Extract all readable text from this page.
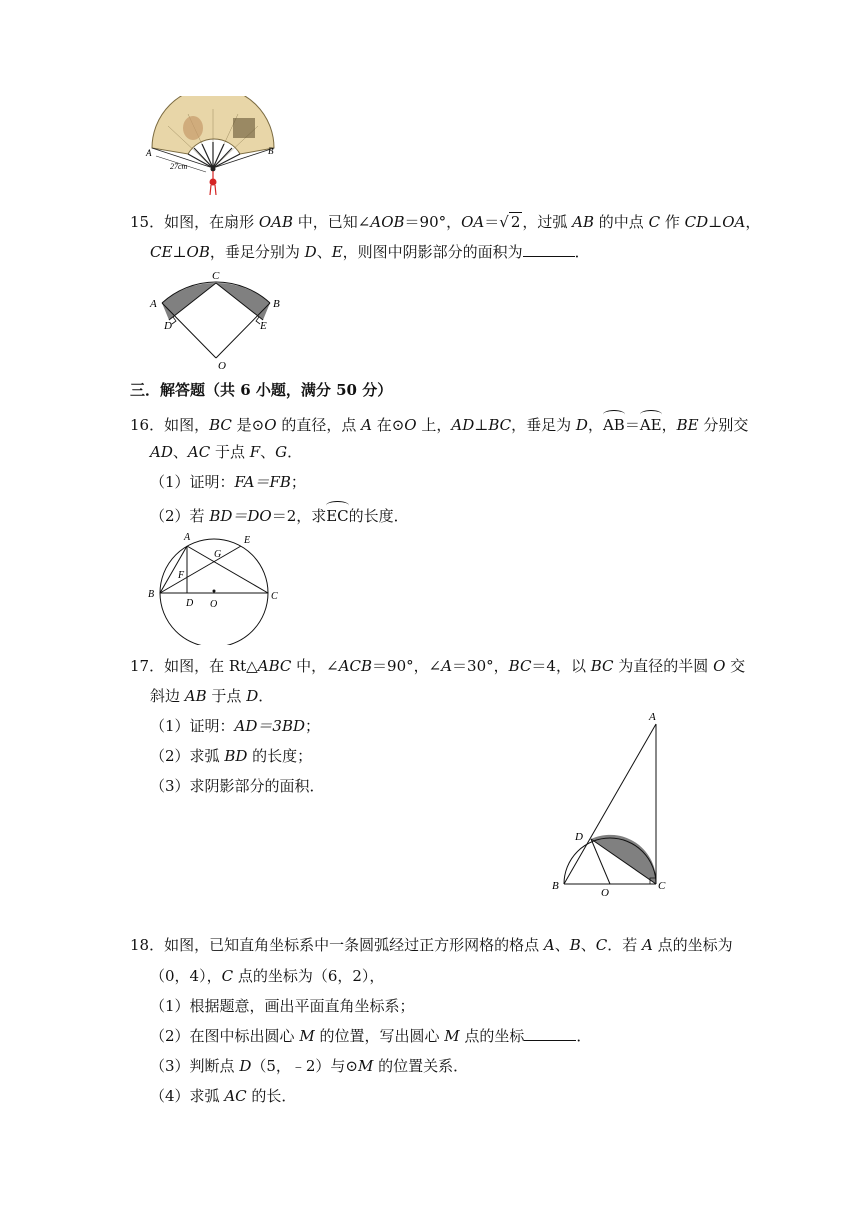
A	B
27cm
15．如图，在扇形 OAB 中，已知∠AOB＝90°，OA＝√ 2 ，过弧 AB 的中点 C 作 CD⊥OA，
CE⊥OB，垂足分别为 D、E，则图中阴影部分的面积为	．
A	B
C
D	E
O
三．解答题（共 6 小题，满分 50 分）
16．如图，BC 是⊙O 的直径，点 A 在⊙O 上，AD⊥BC，垂足为 D，AB＝AE，BE 分别交
AD、AC 于点 F、G．
（1）证明：FA＝FB；
（2）若 BD＝DO＝2，求EC的长度．
A	E
G
F
B
D O
C
17．如图，在 Rt△ABC 中，∠ACB＝90°，∠A＝30°，BC＝4，以 BC 为直径的半圆 O 交
斜边 AB 于点 D．
（1）证明：AD＝3BD；
（2）求弧 BD 的长度；
（3）求阴影部分的面积．
A
D
B
O
C
18．如图，已知直角坐标系中一条圆弧经过正方形网格的格点 A、B、C．若 A 点的坐标为
（0，4），C 点的坐标为（6，2），
（1）根据题意，画出平面直角坐标系；
（2）在图中标出圆心 M 的位置，写出圆心 M 点的坐标	．
（3）判断点 D（5，﹣2）与⊙M 的位置关系．
（4）求弧 AC 的长．
